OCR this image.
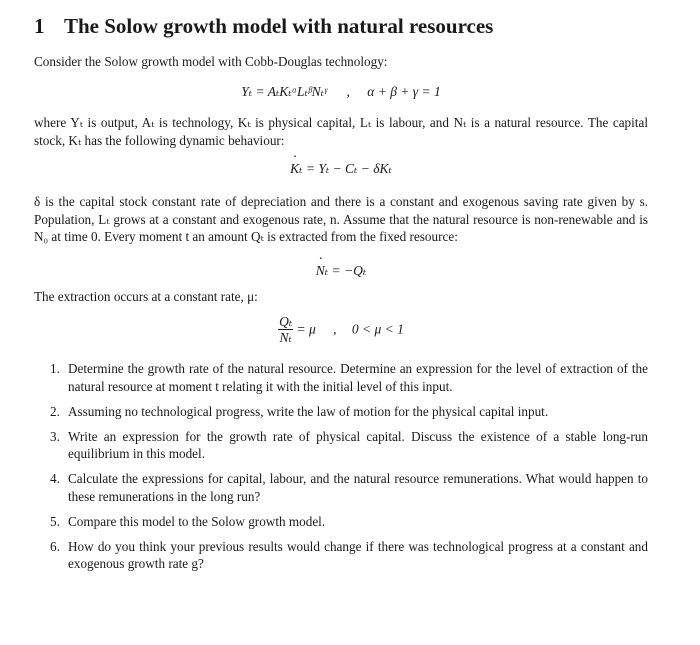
1 The Solow growth model with natural resources

Consider the Solow growth model with Cobb-Douglas technology:

Yₜ = AₜKₜᵅLₜᵝNₜᵞ , α + β + γ = 1

where Yₜ is output, Aₜ is technology, Kₜ is physical capital, Lₜ is labour, and Nₜ is a natural resource. The capital stock, Kₜ has the following dynamic behaviour:

· Kₜ = Yₜ − Cₜ − δKₜ

δ is the capital stock constant rate of depreciation and there is a constant and exogenous saving rate given by s. Population, Lₜ grows at a constant and exogenous rate, n. Assume that the natural resource is non-renewable and is N₀ at time 0. Every moment t an amount Qₜ is extracted from the fixed resource:

· Nₜ = −Qₜ

The extraction occurs at a constant rate, μ:

$\frac{\text{Qₜ}}{\text{Nₜ}} = \mu$ , 0 < μ < 1
1. Determine the growth rate of the natural resource. Determine an expression for the level of extraction of the natural resource at moment t relating it with the initial level of this input.
2. Assuming no technological progress, write the law of motion for the physical capital input.
3. Write an expression for the growth rate of physical capital. Discuss the existence of a stable long-run equilibrium in this model.
4. Calculate the expressions for capital, labour, and the natural resource remunerations. What would happen to these remunerations in the long run?
5. Compare this model to the Solow growth model.
6. How do you think your previous results would change if there was technological progress at a constant and exogenous growth rate g?
